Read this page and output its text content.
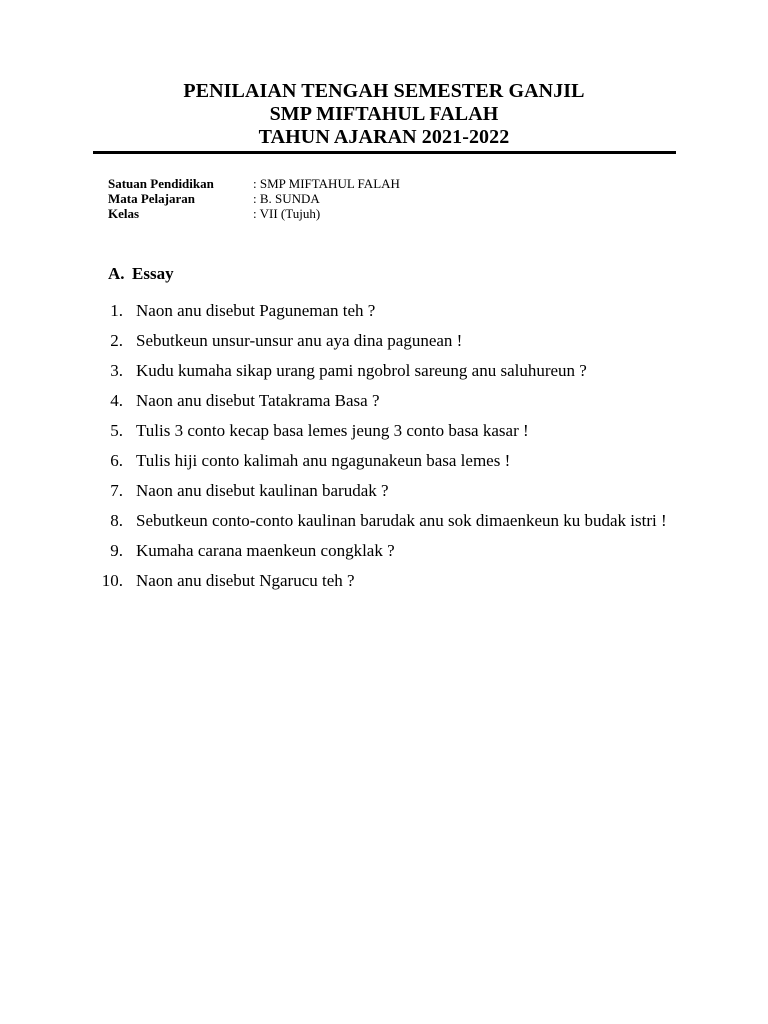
PENILAIAN TENGAH SEMESTER GANJIL
SMP MIFTAHUL FALAH
TAHUN AJARAN 2021-2022
Satuan Pendidikan	: SMP MIFTAHUL FALAH
Mata Pelajaran	: B. SUNDA
Kelas	: VII (Tujuh)
A. Essay
1. Naon anu disebut Paguneman teh ?
2. Sebutkeun unsur-unsur anu aya dina pagunean !
3. Kudu kumaha sikap urang pami ngobrol sareung anu saluhureun ?
4. Naon anu disebut Tatakrama Basa ?
5. Tulis 3 conto kecap basa lemes jeung 3 conto basa kasar !
6. Tulis hiji conto kalimah anu ngagunakeun basa lemes !
7. Naon anu disebut kaulinan barudak ?
8. Sebutkeun conto-conto kaulinan barudak anu sok dimaenkeun ku budak istri !
9. Kumaha carana maenkeun congklak ?
10. Naon anu disebut Ngarucu teh ?
